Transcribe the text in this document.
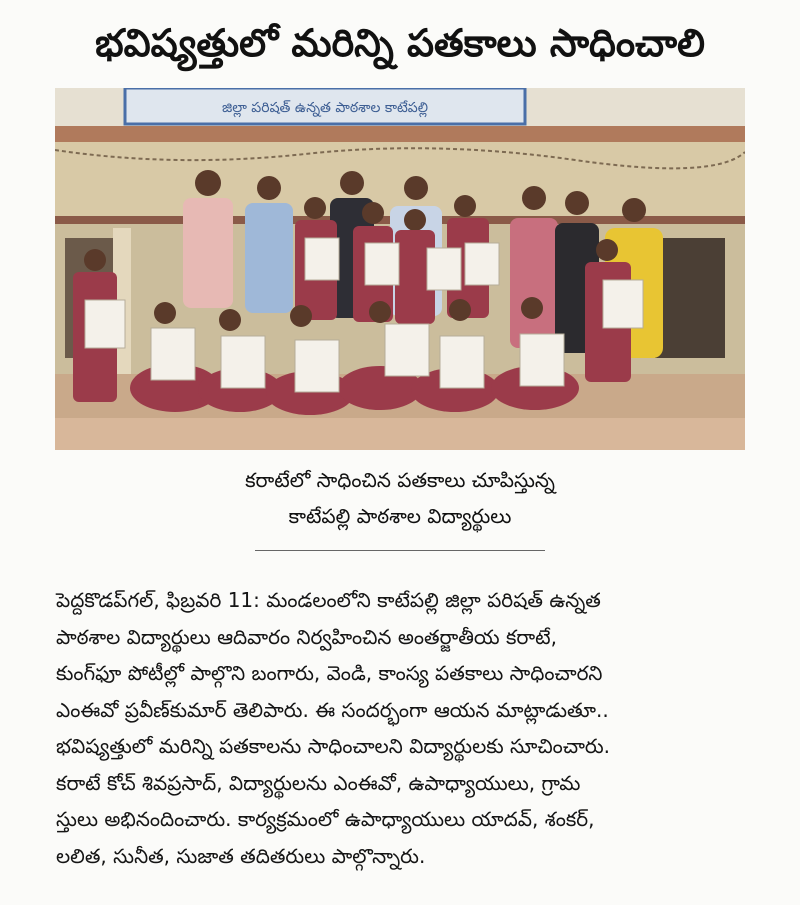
భవిష్యత్తులో మరిన్ని పతకాలు సాధించాలి
జిల్లా పరిషత్ ఉన్నత పాఠశాల కాటేపల్లి
కరాటేలో సాధించిన పతకాలు చూపిస్తున్న
కాటేపల్లి పాఠశాల విద్యార్థులు
పెద్దకొడప్‌గల్, ఫిబ్రవరి 11: మండలంలోని కాటేపల్లి జిల్లా పరిషత్ ఉన్నత
పాఠశాల విద్యార్థులు ఆదివారం నిర్వహించిన అంతర్జాతీయ కరాటే,
కుంగ్‌ఫూ పోటీల్లో పాల్గొని బంగారు, వెండి, కాంస్య పతకాలు సాధించారని
ఎంఈవో ప్రవీణ్‌కుమార్ తెలిపారు. ఈ సందర్భంగా ఆయన మాట్లాడుతూ..
భవిష్యత్తులో మరిన్ని పతకాలను సాధించాలని విద్యార్థులకు సూచించారు.
కరాటే కోచ్ శివప్రసాద్, విద్యార్థులను ఎంఈవో, ఉపాధ్యాయులు, గ్రామ
స్తులు అభినందించారు. కార్యక్రమంలో ఉపాధ్యాయులు యాదవ్, శంకర్,
లలిత, సునీత, సుజాత తదితరులు పాల్గొన్నారు.
